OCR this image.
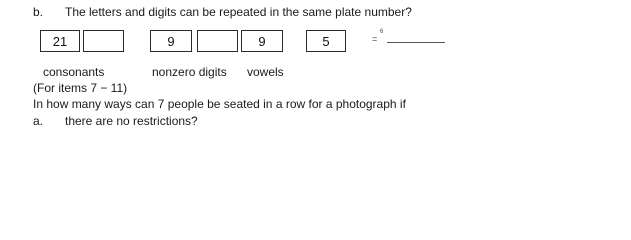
b. The letters and digits can be repeated in the same plate number?
21	9	9	5	=
6
consonants	nonzero digits vowels
(For items 7 − 11)
In how many ways can 7 people be seated in a row for a photograph if
a. there are no restrictions?
